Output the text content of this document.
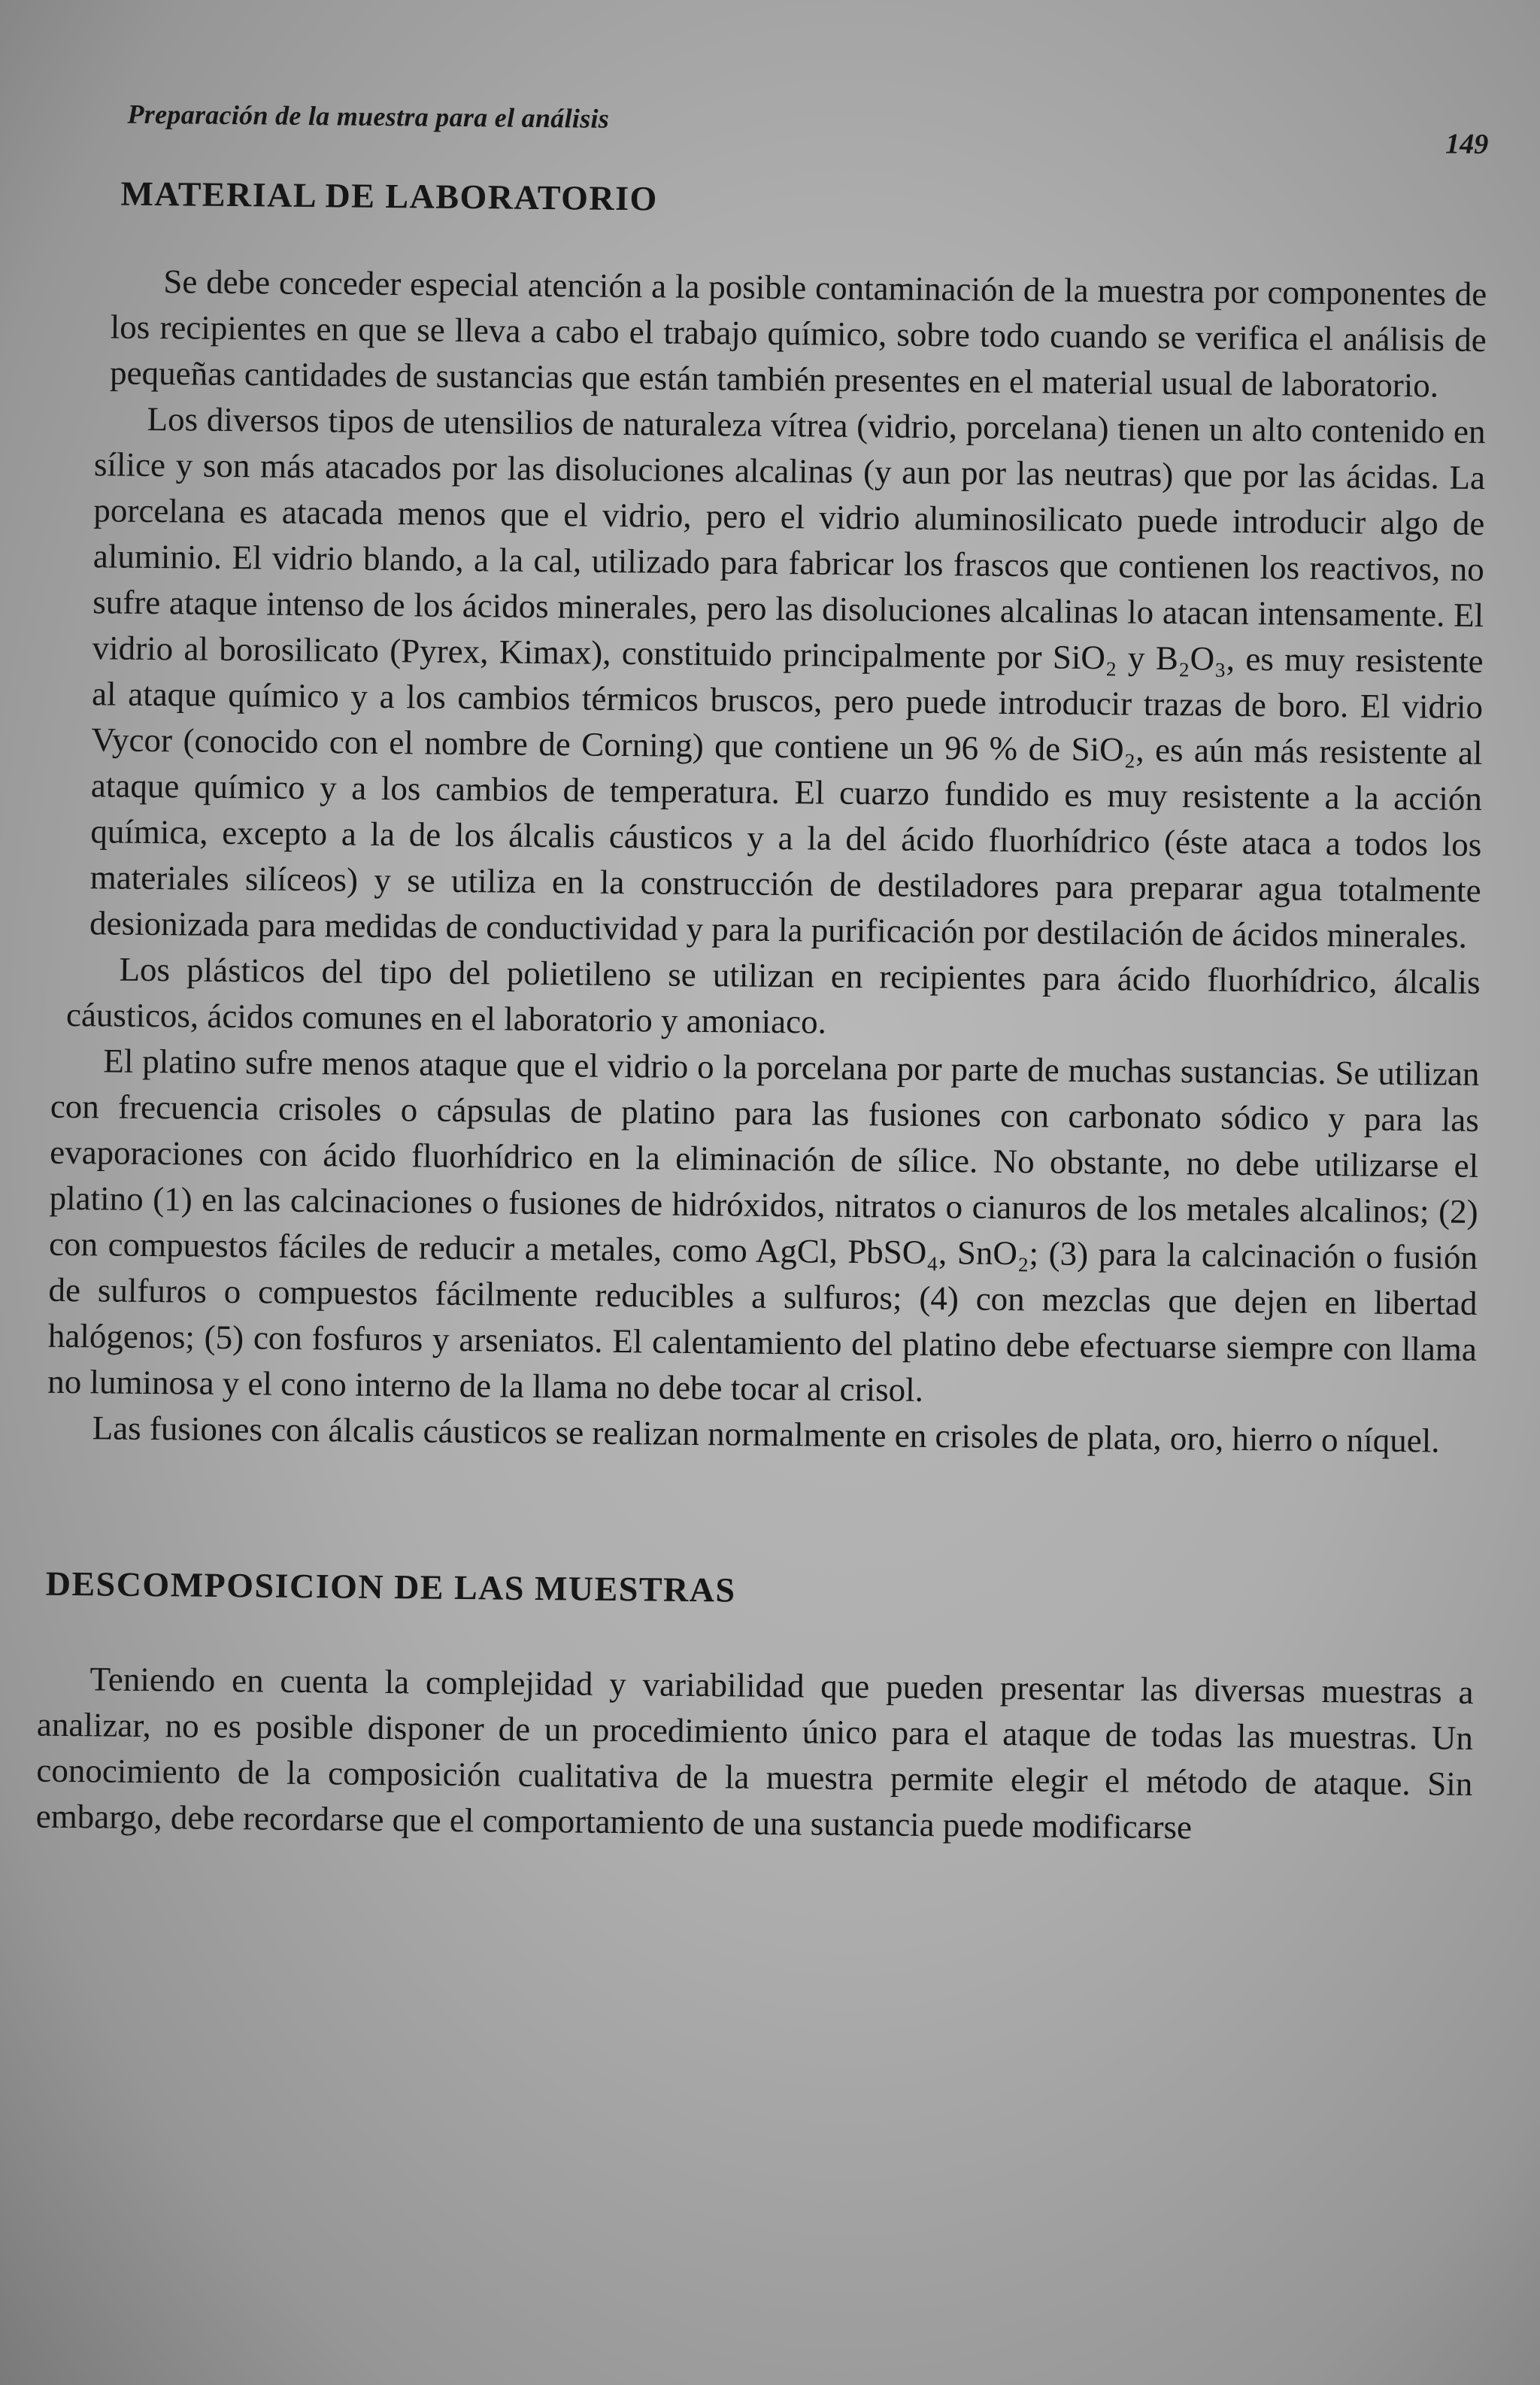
Preparación de la muestra para el análisis
149
MATERIAL DE LABORATORIO

Se debe conceder especial atención a la posible contaminación de la muestra por componentes de los recipientes en que se lleva a cabo el trabajo químico, sobre todo cuando se verifica el análisis de pequeñas cantidades de sustancias que están también presentes en el material usual de laboratorio.

Los diversos tipos de utensilios de naturaleza vítrea (vidrio, porcelana) tienen un alto contenido en sílice y son más atacados por las disoluciones alcalinas (y aun por las neutras) que por las ácidas. La porcelana es atacada menos que el vidrio, pero el vidrio aluminosilicato puede introducir algo de aluminio. El vidrio blando, a la cal, utilizado para fabricar los frascos que contienen los reactivos, no sufre ataque intenso de los ácidos minerales, pero las disoluciones alcalinas lo atacan intensamente. El vidrio al borosilicato (Pyrex, Kimax), constituido principalmente por SiO₂ y B₂O₃, es muy resistente al ataque químico y a los cambios térmicos bruscos, pero puede introducir trazas de boro. El vidrio Vycor (conocido con el nombre de Corning) que contiene un 96 % de SiO₂, es aún más resistente al ataque químico y a los cambios de temperatura. El cuarzo fundido es muy resistente a la acción química, excepto a la de los álcalis cáusticos y a la del ácido fluorhídrico (éste ataca a todos los materiales silíceos) y se utiliza en la construcción de destiladores para preparar agua totalmente desionizada para medidas de conductividad y para la purificación por destilación de ácidos minerales.

Los plásticos del tipo del polietileno se utilizan en recipientes para ácido fluorhídrico, álcalis cáusticos, ácidos comunes en el laboratorio y amoniaco.

El platino sufre menos ataque que el vidrio o la porcelana por parte de muchas sustancias. Se utilizan con frecuencia crisoles o cápsulas de platino para las fusiones con carbonato sódico y para las evaporaciones con ácido fluorhídrico en la eliminación de sílice. No obstante, no debe utilizarse el platino (1) en las calcinaciones o fusiones de hidróxidos, nitratos o cianuros de los metales alcalinos; (2) con compuestos fáciles de reducir a metales, como AgCl, PbSO₄, SnO₂; (3) para la calcinación o fusión de sulfuros o compuestos fácilmente reducibles a sulfuros; (4) con mezclas que dejen en libertad halógenos; (5) con fosfuros y arseniatos. El calentamiento del platino debe efectuarse siempre con llama no luminosa y el cono interno de la llama no debe tocar al crisol.

Las fusiones con álcalis cáusticos se realizan normalmente en crisoles de plata, oro, hierro o níquel.

DESCOMPOSICION DE LAS MUESTRAS

Teniendo en cuenta la complejidad y variabilidad que pueden presentar las diversas muestras a analizar, no es posible disponer de un procedimiento único para el ataque de todas las muestras. Un conocimiento de la composición cualitativa de la muestra permite elegir el método de ataque. Sin embargo, debe recordarse que el comportamiento de una sustancia puede modificarse
